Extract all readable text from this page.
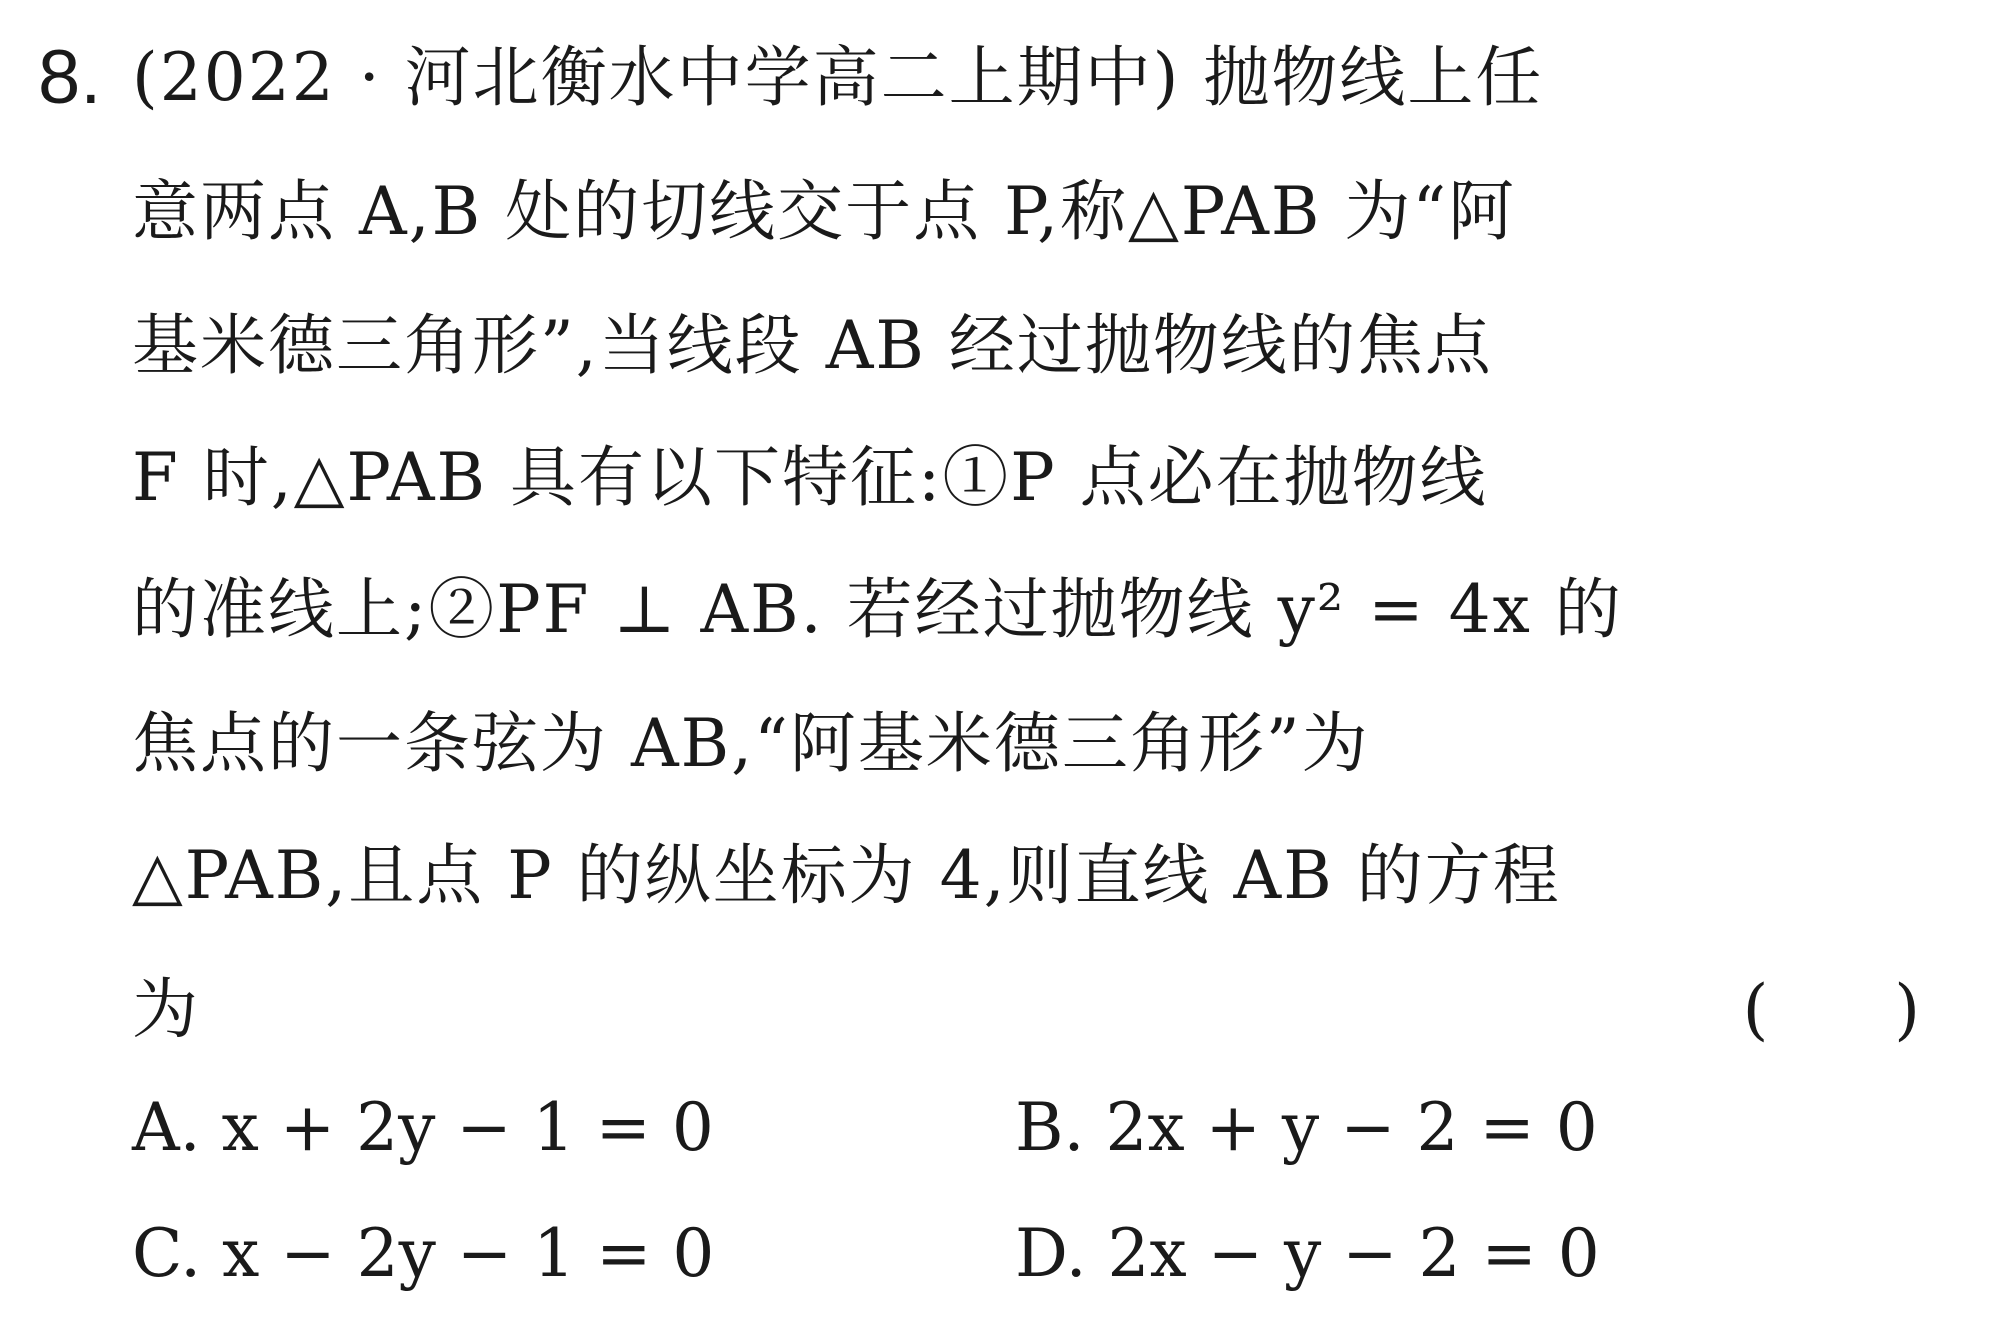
8. (2022 · 河北衡水中学高二上期中) 抛物线上任
意两点 A,B 处的切线交于点 P,称△PAB 为“阿
基米德三角形”,当线段 AB 经过抛物线的焦点
F 时,△PAB 具有以下特征:①P 点必在抛物线
的准线上;②PF ⊥ AB. 若经过抛物线 y² = 4x 的
焦点的一条弦为 AB,“阿基米德三角形”为
△PAB,且点 P 的纵坐标为 4,则直线 AB 的方程
为	(      )
A. x + 2y − 1 = 0	B. 2x + y − 2 = 0
C. x − 2y − 1 = 0	D. 2x − y − 2 = 0
